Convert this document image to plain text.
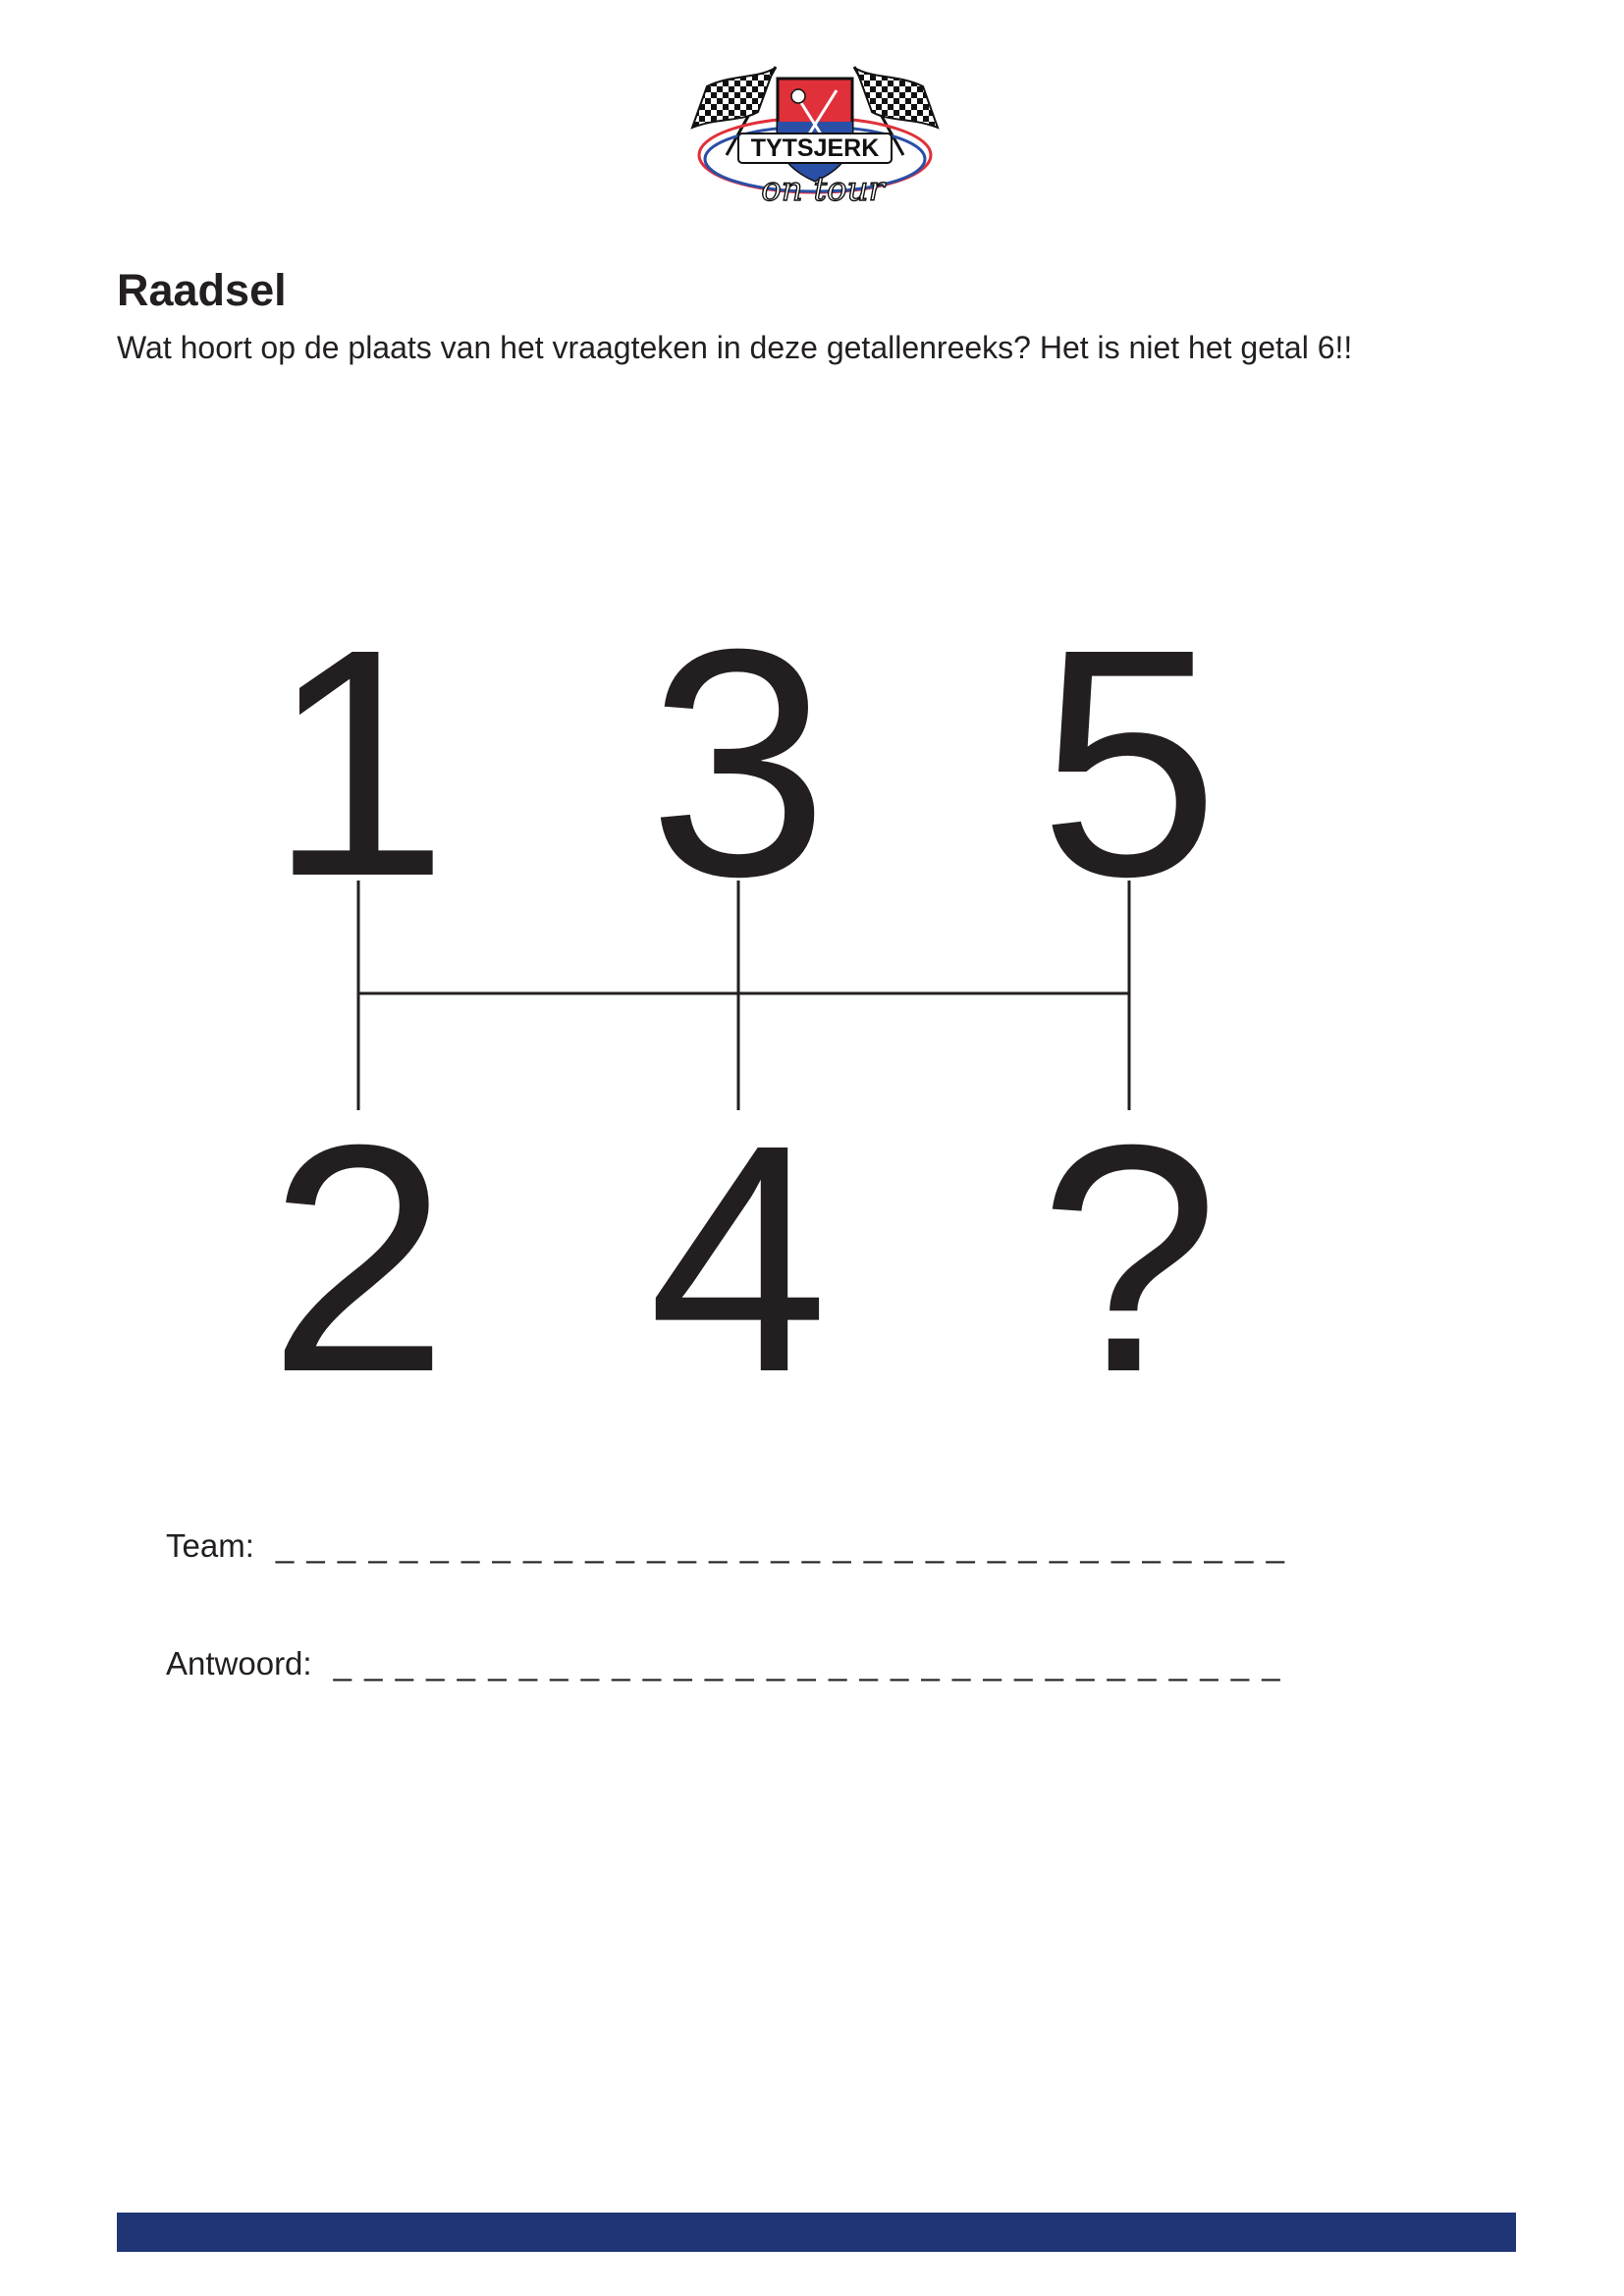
TYTSJERK
on tour
Raadsel

Wat hoort op de plaats van het vraagteken in deze getallenreeks? Het is niet het getal 6!!

1 3 5
2 4 ?
Team: _ _ _ _ _ _ _ _ _ _ _ _ _ _ _ _ _ _ _ _ _ _ _ _ _ _ _ _ _ _ _ _ _
Antwoord: _ _ _ _ _ _ _ _ _ _ _ _ _ _ _ _ _ _ _ _ _ _ _ _ _ _ _ _ _ _ _
